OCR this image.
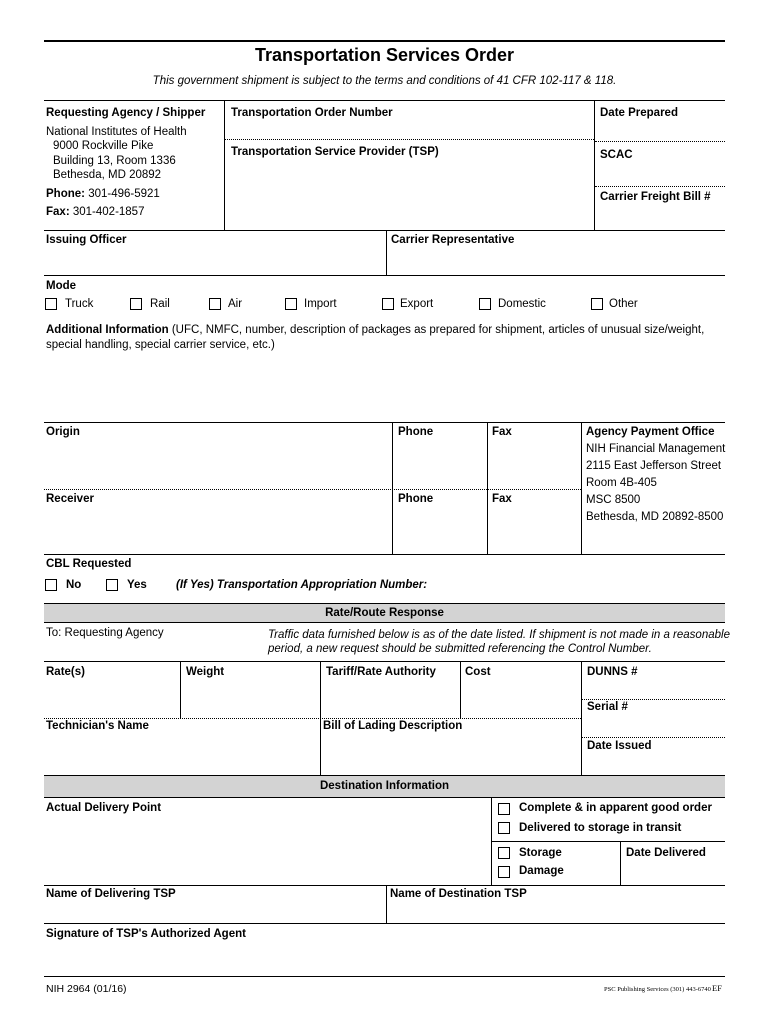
Transportation Services Order
This government shipment is subject to the terms and conditions of 41 CFR 102-117 & 118.
Requesting Agency / Shipper
National Institutes of Health
9000 Rockville Pike
Building 13, Room 1336
Bethesda, MD 20892
Phone: 301-496-5921
Fax: 301-402-1857
Transportation Order Number
Transportation Service Provider (TSP)
Date Prepared
SCAC
Carrier Freight Bill #
Issuing Officer	Carrier Representative
Mode
Truck	Rail	Air	Import	Export	Domestic	Other
Additional Information (UFC, NMFC, number, description of packages as prepared for shipment, articles of unusual size/weight,
special handling, special carrier service, etc.)
Origin	Phone	Fax	Agency Payment Office
NIH Financial Management
2115 East Jefferson Street
Room 4B-405
MSC 8500
Bethesda, MD 20892-8500
Receiver	Phone	Fax
CBL Requested
No	Yes	(If Yes) Transportation Appropriation Number:
Rate/Route Response
To: Requesting Agency	Traffic data furnished below is as of the date listed. If shipment is not made in a reasonable
period, a new request should be submitted referencing the Control Number.
Rate(s)	Weight	Tariff/Rate Authority	Cost	DUNNS #
Serial #
Technician's Name	Bill of Lading Description
Date Issued
Destination Information
Actual Delivery Point	Complete & in apparent good order
Delivered to storage in transit
Storage
Damage
Date Delivered
Name of Delivering TSP	Name of Destination TSP
Signature of TSP's Authorized Agent
NIH 2964 (01/16)	PSC Publishing Services (301) 443-6740 EF
